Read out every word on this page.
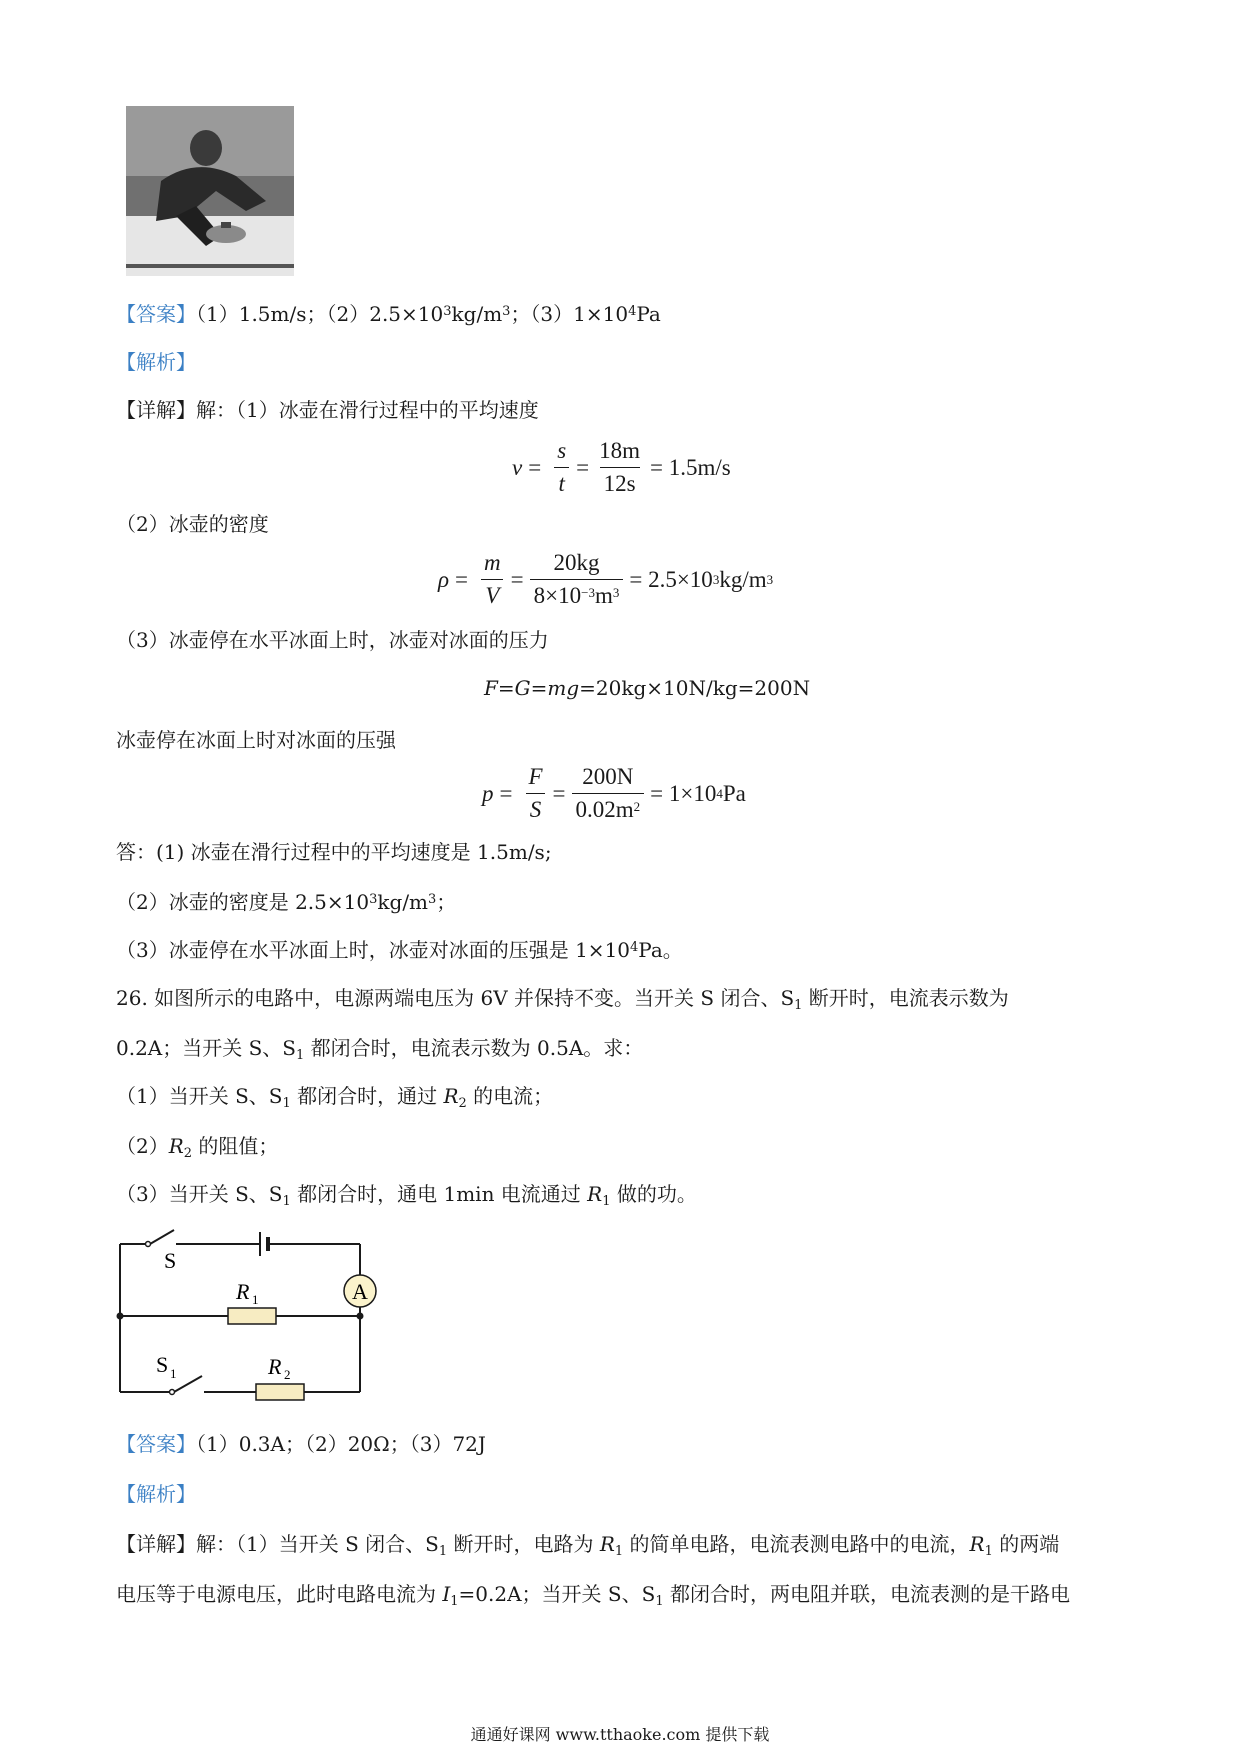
【答案】（1）1.5m/s；$(2)2.5\times 10^3kg/m^3$；$(3)1\times 10^4Pa$
【解析】
【详解】解：（1）冰壶在滑行过程中的平均速度
$v = \frac{s}{t} = \frac{18m}{12s} = 1.5m/s$
（2）冰壶的密度
$\rho = \frac{m}{V} = \frac{20kg}{8\times 10^{-3}m^3} = 2.5\times 10$ 3 kg/m 3
（3）冰壶停在水平冰面上时，冰壶对冰面的压力
F=G=mg=20kg×10N/kg=200N
冰壶停在冰面上时对冰面的压强
$p = \frac{F}{S} = \frac{200N}{0.02m^2} = 1\times 10$ 4 Pa
答：(1) 冰壶在滑行过程中的平均速度是 1.5m/s;
（2）冰壶的密度是 $2.5\times 10^3kg/m^3$；
（3）冰壶停在水平冰面上时，冰壶对冰面的压强是 $1\times 10^4Pa$。
26. 如图所示的电路中，电源两端电压为 6V 并保持不变。当开关 S 闭合、$S_1$ 断开时，电流表示数为
0.2A；当开关 S、$S_1$ 都闭合时，电流表示数为 0.5A。求：
（1）当开关 S、$S_1$ 都闭合时，通过 $R_2$ 的电流；
$(2)R_2$ 的阻值；
（3）当开关 S、$S_1$ 都闭合时，通电 1min 电流通过 $R_1$ 做的功。
A
S
R 1
S 1	R 2
【答案】（1）0.3A；（2）20Ω；（3）72J
【解析】
【详解】解：（1）当开关 S 闭合、$S_1$ 断开时，电路为 $R_1$ 的简单电路，电流表测电路中的电流，$R_1$ 的两端
电压等于电源电压，此时电路电流为 $I_1=0.2A$；当开关 S、$S_1$ 都闭合时，两电阻并联，电流表测的是干路电
通通好课网 www.tthaoke.com 提供下载
